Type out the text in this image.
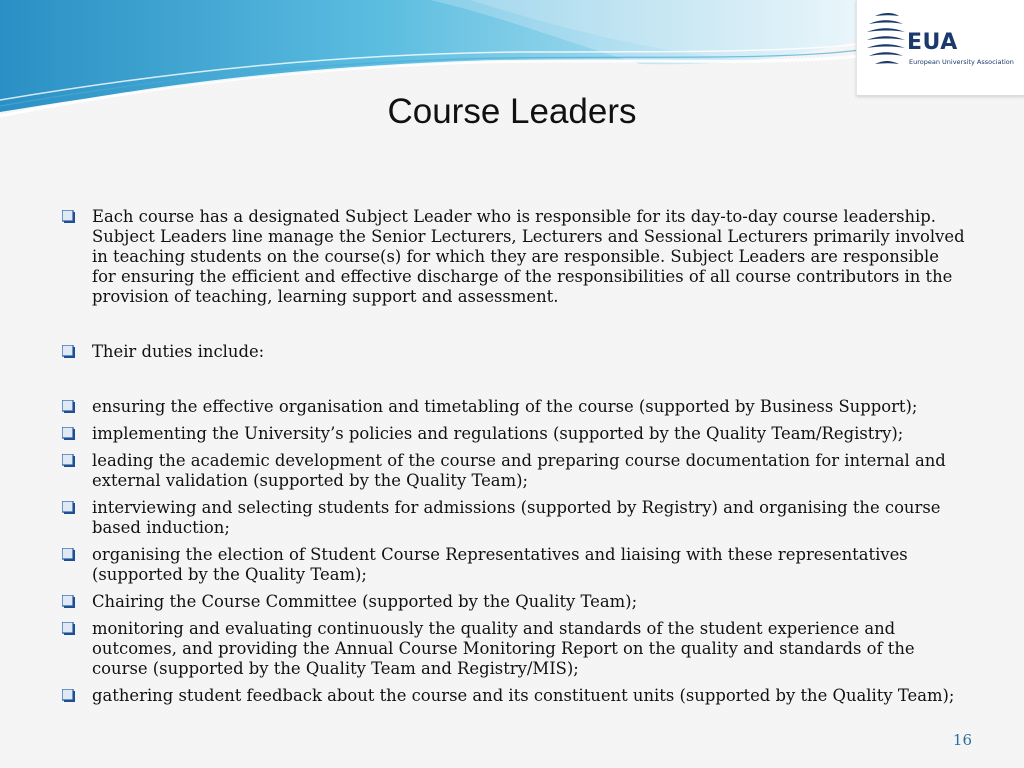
EUA
European University Association
Course Leaders
Each course has a designated Subject Leader who is responsible for its day-to-day course leadership. Subject Leaders line manage the Senior Lecturers, Lecturers and Sessional Lecturers primarily involved in teaching students on the course(s) for which they are responsible. Subject Leaders are responsible for ensuring the efficient and effective discharge of the responsibilities of all course contributors in the provision of teaching, learning support and assessment.
Their duties include:
ensuring the effective organisation and timetabling of the course (supported by Business Support);
implementing the University’s policies and regulations (supported by the Quality Team/Registry);
leading the academic development of the course and preparing course documentation for internal and external validation (supported by the Quality Team);
interviewing and selecting students for admissions (supported by Registry) and organising the course based induction;
organising the election of Student Course Representatives and liaising with these representatives (supported by the Quality Team);
Chairing the Course Committee (supported by the Quality Team);
monitoring and evaluating continuously the quality and standards of the student experience and outcomes, and providing the Annual Course Monitoring Report on the quality and standards of the course (supported by the Quality Team and Registry/MIS);
gathering student feedback about the course and its constituent units (supported by the Quality Team);
16
